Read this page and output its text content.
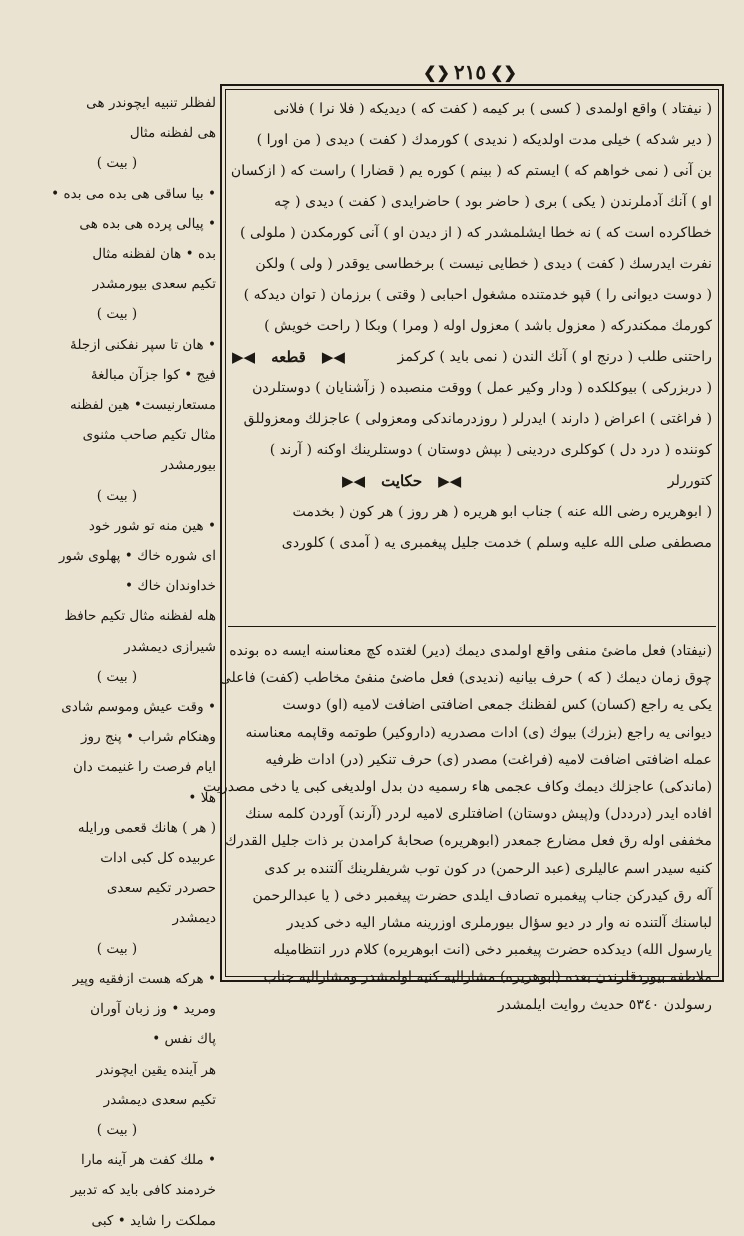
❮❯ ٢١٥ ❮❯
لفظلر تنبيه ايچوندر هى
هى لفظنه مثال
( بيت )
• بيا ساقى هى بده مى بده •
• پيالى پرده هى بده هى
بده • هان لفظنه مثال
تكيم سعدى بيورمشدر
( بيت )
• هان تا سپر نفكنى ازجلهٔ
فيج • كوا جزآن مبالغهٔ
مستعارنيست• هين لفظنه
مثال تكيم صاحب مثنوى
بيورمشدر
( بيت )
• هين منه تو شور خود
اى شوره خاك • پهلوى شور
خداوندان خاك •
هله لفظنه مثال تكيم حافظ
شيرازى ديمشدر
( بيت )
• وقت عيش وموسم شادى
وهنكام شراب • پنج روز
ايام فرصت را غنيمت دان
هلا •
( هر ) هانك قعمى ورايله
عربيده كل كبى ادات
حصردر تكيم سعدى
ديمشدر
( بيت )
• هركه هست ازفقيه وپير
ومريد • وز زبان آوران
پاك نفس •
هر آينده يقين ايچوندر
تكيم سعدى ديمشدر
( بيت )
• ملك كفت هر آينه مارا
خردمند كافى بايد كه تدبير
مملكت را شايد • كبى
( نيفتاد ) واقع اولمدى ( كسى ) بر كيمه ( كفت كه ) ديديكه ( فلا نرا ) فلانى
( دير شدكه ) خيلى مدت اولديكه ( نديدى ) كورمدك ( كفت ) ديدى ( من اورا )
بن آنى ( نمى خواهم كه ) ايستم كه ( بينم ) كوره يم ( قضارا ) راست كه ( ازكسان
او ) آنك آدملرندن ( يكى ) برى ( حاضر بود ) حاضرايدى ( كفت ) ديدى ( چه
خطاكرده است كه ) نه خطا ايشلمشدر كه ( از ديدن او ) آنى كورمكدن ( ملولى )
نفرت ايدرسك ( كفت ) ديدى ( خطايى نيست ) برخطاسى يوقدر ( ولى ) ولكن
( دوست ديوانى را ) قپو خدمتنده مشغول احبابى ( وقتى ) برزمان ( توان ديدكه )
كورمك ممكندركه ( معزول باشد ) معزول اوله ( ومرا ) وبكا ( راحت خويش )
راحتنى طلب ( درنج او ) آنك الندن ( نمى بايد ) كركمز
◀▶
قطعه
◀▶
( دربزرکى ) بيوكلكده ( ودار وكير عمل ) ووقت منصبده ( زآشنايان ) دوستلردن
( فراغتى ) اعراض ( دارند ) ايدرلر ( روزدرماندكى ومعزولى ) عاجزلك ومعزوللق
كوننده ( درد دل ) كوكلرى دردينى ( بپش دوستان ) دوستلرينك اوكنه ( آرند )
كتوررلر
◀▶
حكايت
◀▶
( ابوهريره رضى الله عنه ) جناب ابو هريره ( هر روز ) هر كون ( بخدمت
مصطفى صلى الله عليه وسلم ) خدمت جليل پيغمبرى يه ( آمدى ) كلوردى
(نيفتاد) فعل ماضىٔ منفى واقع اولمدى ديمك (دير) لغتده كچ معناسنه ايسه ده بونده
چوق زمان ديمك ( كه ) حرف بيانيه (نديدى) فعل ماضىٔ منفىٔ مخاطب (كفت) فاعلى
يكى يه راجع (كسان) كس لفظنك جمعى اضافتى اضافت لاميه (او) دوست
ديوانى يه راجع (بزرك) بيوك (ى) ادات مصدريه (داروكير) طوتمه وقاپمه معناسنه
عمله اضافتى اضافت لاميه (فراغت) مصدر (ى) حرف تنكير (در) ادات ظرفيه
(ماندكى) عاجزلك ديمك وكاف عجمى هاء رسميه دن بدل اولديغى كبى يا دخى مصدريت
افاده ايدر (درددل) و(پيش دوستان) اضافتلرى لاميه لردر (آرند) آوردن كلمه سنك
مخففى اوله رق فعل مضارع جمعدر (ابوهريره) صحابهٔ كرامدن بر ذات جليل القدرك
كنيه سيدر اسم عاليلرى (عبد الرحمن) در كون توب شريفلرينك آلتنده بر كدى
آله رق كيدركن جناب پيغمبره تصادف ايلدى حضرت پيغمبر دخى ( يا عبدالرحمن
لباسنك آلتنده نه وار در ديو سؤال بيورملرى اوزرينه مشار اليه دخى كديدر
يارسول الله) ديدكده حضرت پيغمبر دخى (انت ابوهريره) كلام درر انتظاميله
ملاطفه بيوردقلرندن بعده (ابوهريره) مشاراليه كنيه اولمشدر ومشاراليه جناب
رسولدن ٥٣٤٠ حديث روايت ايلمشدر
